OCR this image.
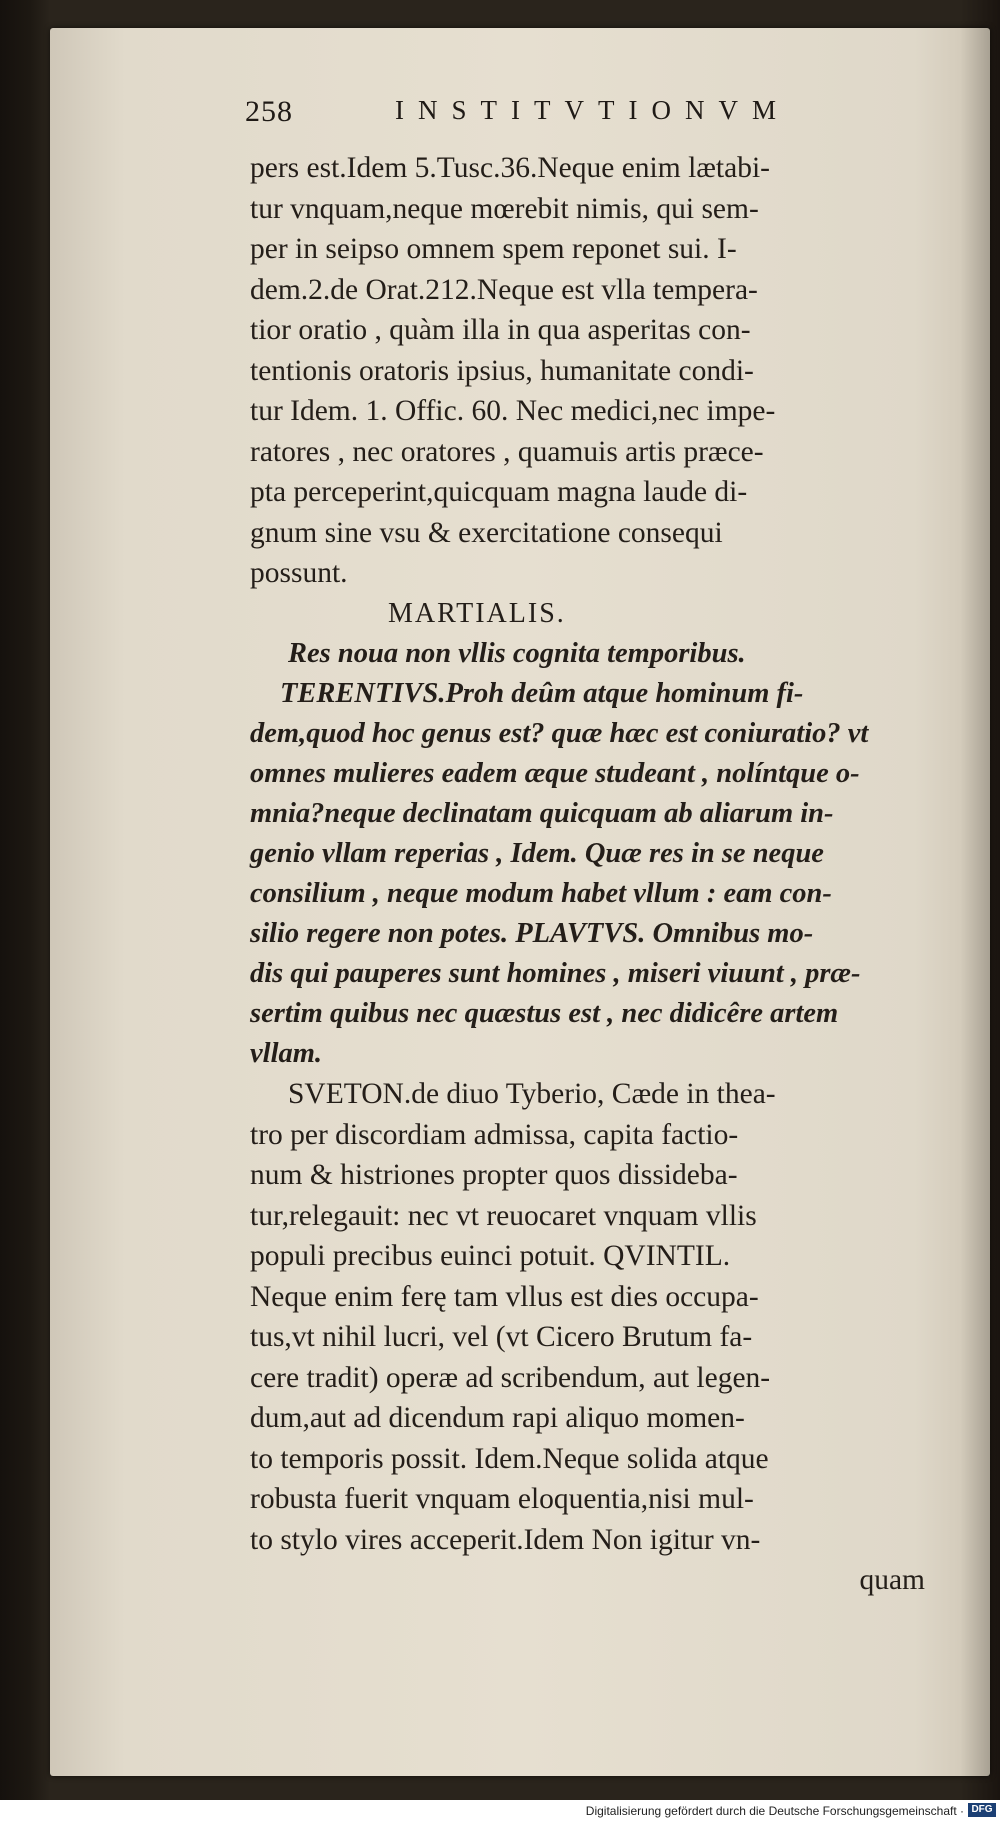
258	INSTITVTIONVM
pers est.Idem 5.Tusc.36.Neque enim lætabi-
tur vnquam,neque mœrebit nimis, qui sem-
per in seipso omnem spem reponet sui. I-
dem.2.de Orat.212.Neque est vlla tempera-
tior oratio , quàm illa in qua asperitas con-
tentionis oratoris ipsius, humanitate condi-
tur Idem. 1. Offic. 60. Nec medici,nec impe-
ratores , nec oratores , quamuis artis præce-
pta perceperint,quicquam magna laude di-
gnum sine vsu & exercitatione consequi
possunt.
MARTIALIS.
Res noua non vllis cognita temporibus.
TERENTIVS.Proh deûm atque hominum fi-
dem,quod hoc genus est? quæ hæc est coniuratio? vt
omnes mulieres eadem æque studeant , nolíntque o-
mnia?neque declinatam quicquam ab aliarum in-
genio vllam reperias , Idem. Quæ res in se neque
consilium , neque modum habet vllum : eam con-
silio regere non potes. PLAVTVS. Omnibus mo-
dis qui pauperes sunt homines , miseri viuunt , præ-
sertim quibus nec quæstus est , nec didicêre artem
vllam.
SVETON.de diuo Tyberio, Cæde in thea-
tro per discordiam admissa, capita factio-
num & histriones propter quos dissideba-
tur,relegauit: nec vt reuocaret vnquam vllis
populi precibus euinci potuit. QVINTIL.
Neque enim ferę tam vllus est dies occupa-
tus,vt nihil lucri, vel (vt Cicero Brutum fa-
cere tradit) operæ ad scribendum, aut legen-
dum,aut ad dicendum rapi aliquo momen-
to temporis possit. Idem.Neque solida atque
robusta fuerit vnquam eloquentia,nisi mul-
to stylo vires acceperit.Idem Non igitur vn-
quam
Digitalisierung gefördert durch die Deutsche Forschungsgemeinschaft · DFG
